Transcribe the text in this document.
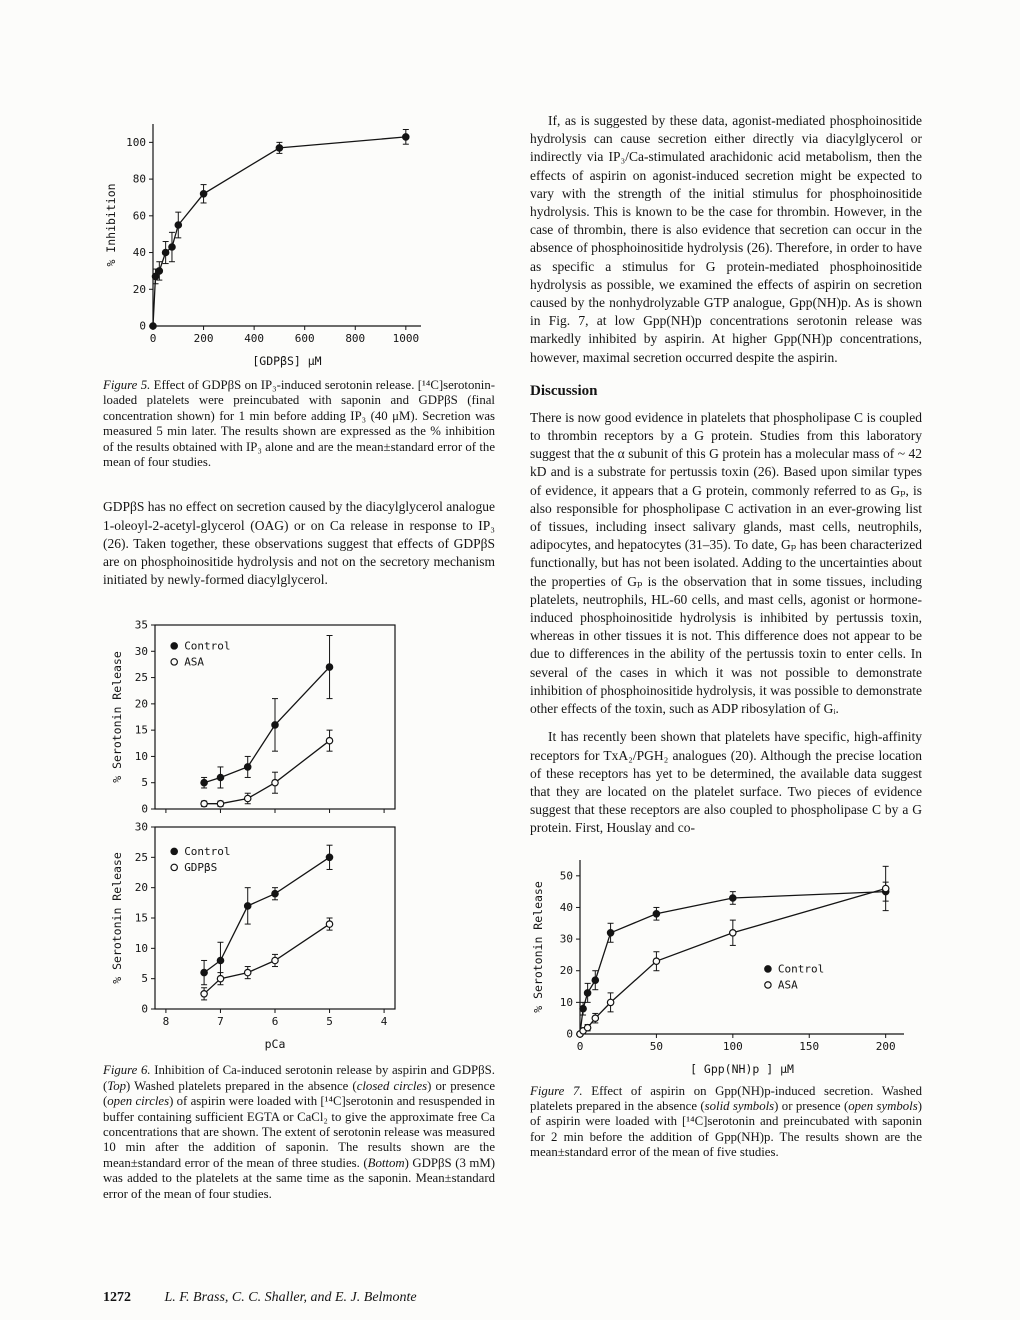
0	200	400	600	800 1000
0
20
40
60
80
100
[GDPβS] μM
% Inhibition
Figure 5. Effect of GDPβS on IP₃-induced serotonin release. [¹⁴C]serotonin-loaded platelets were preincubated with saponin and GDPβS (final concentration shown) for 1 min before adding IP₃ (40 μM). Secretion was measured 5 min later. The results shown are expressed as the % inhibition of the results obtained with IP₃ alone and are the mean±standard error of the mean of four studies.

GDPβS has no effect on secretion caused by the diacylglycerol analogue 1-oleoyl-2-acetyl-glycerol (OAG) or on Ca release in response to IP₃ (26). Taken together, these observations suggest that effects of GDPβS are on phosphoinositide hydrolysis and not on the secretory mechanism initiated by newly-formed diacylglycerol.

0
5
10
15
20
25
30
35
% Serotonin Release
Control
ASA
8	7	6	5	4
0
5
10
15
20
25
30
pCa
% Serotonin Release
Control
GDPβS
Figure 6. Inhibition of Ca-induced serotonin release by aspirin and GDPβS. (Top) Washed platelets prepared in the absence (closed circles) or presence (open circles) of aspirin were loaded with [¹⁴C]serotonin and resuspended in buffer containing sufficient EGTA or CaCl₂ to give the approximate free Ca concentrations that are shown. The extent of serotonin release was measured 10 min after the addition of saponin. The results shown are the mean±standard error of the mean of three studies. (Bottom) GDPβS (3 mM) was added to the platelets at the same time as the saponin. Mean±standard error of the mean of four studies.

If, as is suggested by these data, agonist-mediated phosphoinositide hydrolysis can cause secretion either directly via diacylglycerol or indirectly via IP₃/Ca-stimulated arachidonic acid metabolism, then the effects of aspirin on agonist-induced secretion might be expected to vary with the strength of the initial stimulus for phosphoinositide hydrolysis. This is known to be the case for thrombin. However, in the case of thrombin, there is also evidence that secretion can occur in the absence of phosphoinositide hydrolysis (26). Therefore, in order to have as specific a stimulus for G protein-mediated phosphoinositide hydrolysis as possible, we examined the effects of aspirin on secretion caused by the nonhydrolyzable GTP analogue, Gpp(NH)p. As is shown in Fig. 7, at low Gpp(NH)p concentrations serotonin release was markedly inhibited by aspirin. At higher Gpp(NH)p concentrations, however, maximal secretion occurred despite the aspirin.

Discussion

There is now good evidence in platelets that phospholipase C is coupled to thrombin receptors by a G protein. Studies from this laboratory suggest that the α subunit of this G protein has a molecular mass of ~ 42 kD and is a substrate for pertussis toxin (26). Based upon similar types of evidence, it appears that a G protein, commonly referred to as Gₚ, is also responsible for phospholipase C activation in an ever-growing list of tissues, including insect salivary glands, mast cells, neutrophils, adipocytes, and hepatocytes (31–35). To date, Gₚ has been characterized functionally, but has not been isolated. Adding to the uncertainties about the properties of Gₚ is the observation that in some tissues, including platelets, neutrophils, HL-60 cells, and mast cells, agonist or hormone-induced phosphoinositide hydrolysis is inhibited by pertussis toxin, whereas in other tissues it is not. This difference does not appear to be due to differences in the ability of the pertussis toxin to enter cells. In several of the cases in which it was not possible to demonstrate inhibition of phosphoinositide hydrolysis, it was possible to demonstrate other effects of the toxin, such as ADP ribosylation of Gᵢ.

It has recently been shown that platelets have specific, high-affinity receptors for TxA₂/PGH₂ analogues (20). Although the precise location of these receptors has yet to be determined, the available data suggest that they are located on the platelet surface. Two pieces of evidence suggest that these receptors are also coupled to phospholipase C by a G protein. First, Houslay and co-

0	50	100	150	200
0
10
20
30
40
50
[ Gpp(NH)p ] μM
% Serotonin Release	Control
ASA
Figure 7. Effect of aspirin on Gpp(NH)p-induced secretion. Washed platelets prepared in the absence (solid symbols) or presence (open symbols) of aspirin were loaded with [¹⁴C]serotonin and preincubated with saponin for 2 min before the addition of Gpp(NH)p. The results shown are the mean±standard error of the mean of five studies.
1272 L. F. Brass, C. C. Shaller, and E. J. Belmonte
